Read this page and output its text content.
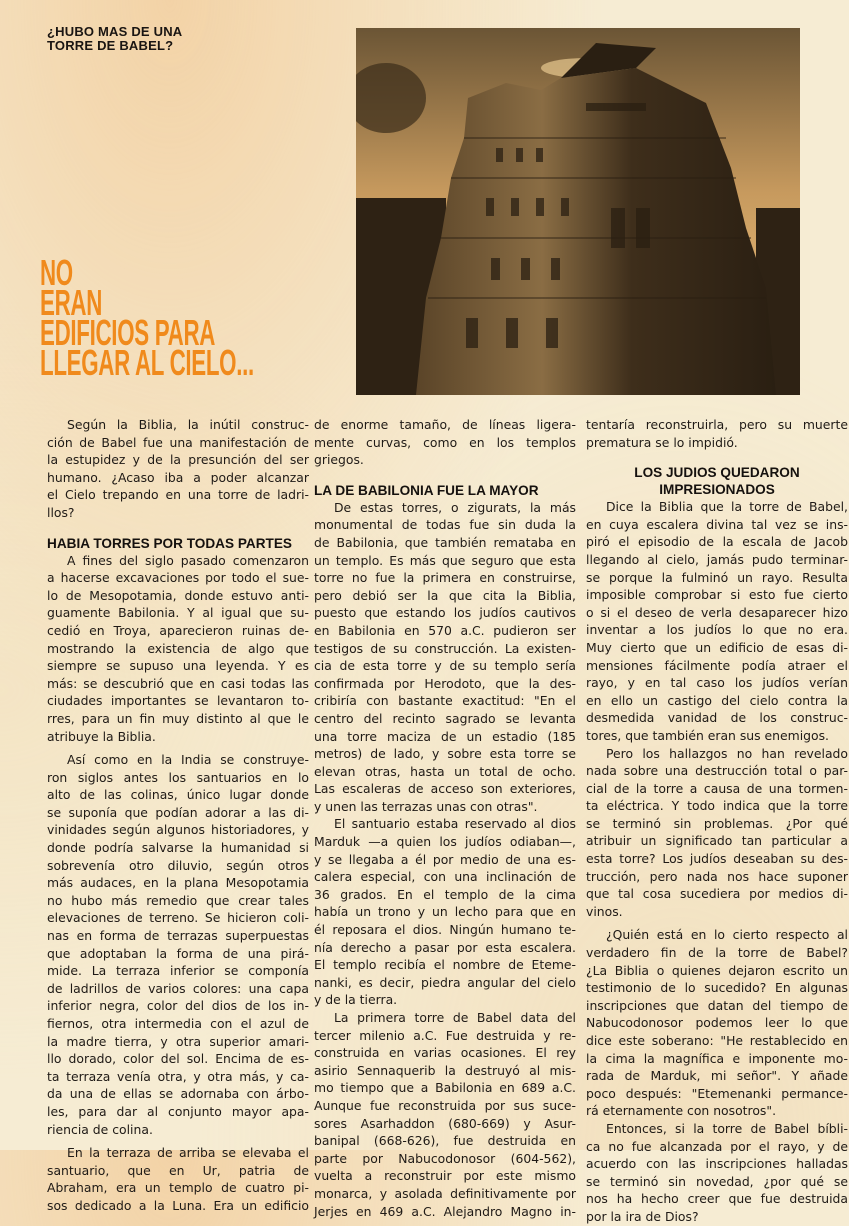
¿HUBO MAS DE UNA
TORRE DE BABEL?
NO
ERAN
EDIFICIOS PARA
LLEGAR AL CIELO...
Según la Biblia, la inútil construc-
ción de Babel fue una manifestación de
la estupidez y de la presunción del ser
humano. ¿Acaso iba a poder alcanzar
el Cielo trepando en una torre de ladri-
llos?
HABIA TORRES POR TODAS PARTES
A fines del siglo pasado comenzaron
a hacerse excavaciones por todo el sue-
lo de Mesopotamia, donde estuvo anti-
guamente Babilonia. Y al igual que su-
cedió en Troya, aparecieron ruinas de-
mostrando la existencia de algo que
siempre se supuso una leyenda. Y es
más: se descubrió que en casi todas las
ciudades importantes se levantaron to-
rres, para un fin muy distinto al que le
atribuye la Biblia.
Así como en la India se construye-
ron siglos antes los santuarios en lo
alto de las colinas, único lugar donde
se suponía que podían adorar a las di-
vinidades según algunos historiadores, y
donde podría salvarse la humanidad si
sobrevenía otro diluvio, según otros
más audaces, en la plana Mesopotamia
no hubo más remedio que crear tales
elevaciones de terreno. Se hicieron coli-
nas en forma de terrazas superpuestas
que adoptaban la forma de una pirá-
mide. La terraza inferior se componía
de ladrillos de varios colores: una capa
inferior negra, color del dios de los in-
fiernos, otra intermedia con el azul de
la madre tierra, y otra superior amari-
llo dorado, color del sol. Encima de es-
ta terraza venía otra, y otra más, y ca-
da una de ellas se adornaba con árbo-
les, para dar al conjunto mayor apa-
riencia de colina.
En la terraza de arriba se elevaba el
santuario, que en Ur, patria de
Abraham, era un templo de cuatro pi-
sos dedicado a la Luna. Era un edificio
de enorme tamaño, de líneas ligera-
mente curvas, como en los templos
griegos.
LA DE BABILONIA FUE LA MAYOR
De estas torres, o zigurats, la más
monumental de todas fue sin duda la
de Babilonia, que también remataba en
un templo. Es más que seguro que esta
torre no fue la primera en construirse,
pero debió ser la que cita la Biblia,
puesto que estando los judíos cautivos
en Babilonia en 570 a.C. pudieron ser
testigos de su construcción. La existen-
cia de esta torre y de su templo sería
confirmada por Herodoto, que la des-
cribiría con bastante exactitud: "En el
centro del recinto sagrado se levanta
una torre maciza de un estadio (185
metros) de lado, y sobre esta torre se
elevan otras, hasta un total de ocho.
Las escaleras de acceso son exteriores,
y unen las terrazas unas con otras".
El santuario estaba reservado al dios
Marduk —a quien los judíos odiaban—,
y se llegaba a él por medio de una es-
calera especial, con una inclinación de
36 grados. En el templo de la cima
había un trono y un lecho para que en
él reposara el dios. Ningún humano te-
nía derecho a pasar por esta escalera.
El templo recibía el nombre de Eteme-
nanki, es decir, piedra angular del cielo
y de la tierra.
La primera torre de Babel data del
tercer milenio a.C. Fue destruida y re-
construida en varias ocasiones. El rey
asirio Sennaquerib la destruyó al mis-
mo tiempo que a Babilonia en 689 a.C.
Aunque fue reconstruida por sus suce-
sores Asarhaddon (680-669) y Asur-
banipal (668-626), fue destruida en
parte por Nabucodonosor (604-562),
vuelta a reconstruir por este mismo
monarca, y asolada definitivamente por
Jerjes en 469 a.C. Alejandro Magno in-
tentaría reconstruirla, pero su muerte
prematura se lo impidió.
LOS JUDIOS QUEDARON
IMPRESIONADOS
Dice la Biblia que la torre de Babel,
en cuya escalera divina tal vez se ins-
piró el episodio de la escala de Jacob
llegando al cielo, jamás pudo terminar-
se porque la fulminó un rayo. Resulta
imposible comprobar si esto fue cierto
o si el deseo de verla desaparecer hizo
inventar a los judíos lo que no era.
Muy cierto que un edificio de esas di-
mensiones fácilmente podía atraer el
rayo, y en tal caso los judíos verían
en ello un castigo del cielo contra la
desmedida vanidad de los construc-
tores, que también eran sus enemigos.
Pero los hallazgos no han revelado
nada sobre una destrucción total o par-
cial de la torre a causa de una tormen-
ta eléctrica. Y todo indica que la torre
se terminó sin problemas. ¿Por qué
atribuir un significado tan particular a
esta torre? Los judíos deseaban su des-
trucción, pero nada nos hace suponer
que tal cosa sucediera por medios di-
vinos.
¿Quién está en lo cierto respecto al
verdadero fin de la torre de Babel?
¿La Biblia o quienes dejaron escrito un
testimonio de lo sucedido? En algunas
inscripciones que datan del tiempo de
Nabucodonosor podemos leer lo que
dice este soberano: "He restablecido en
la cima la magnífica e imponente mo-
rada de Marduk, mi señor". Y añade
poco después: "Etemenanki permance-
rá eternamente con nosotros".
Entonces, si la torre de Babel bíbli-
ca no fue alcanzada por el rayo, y de
acuerdo con las inscripciones halladas
se terminó sin novedad, ¿por qué se
nos ha hecho creer que fue destruida
por la ira de Dios?
